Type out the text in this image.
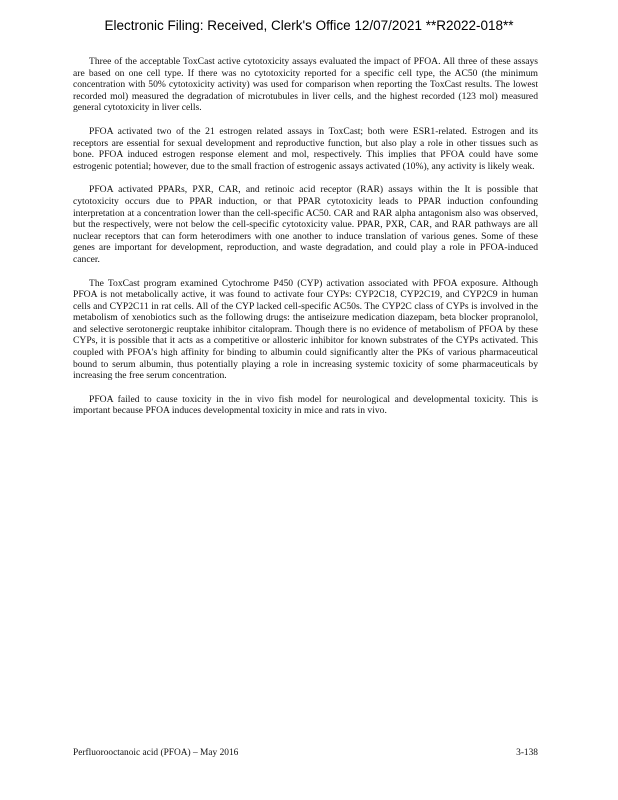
Electronic Filing: Received, Clerk's Office 12/07/2021 **R2022-018**

Three of the acceptable ToxCast active cytotoxicity assays evaluated the impact of PFOA. All three of these assays are based on one cell type. If there was no cytotoxicity reported for a specific cell type, the AC50 (the minimum concentration with 50% cytotoxicity activity) was used for comparison when reporting the ToxCast results. The lowest recorded mol) measured the degradation of microtubules in liver cells, and the highest recorded (123 mol) measured general cytotoxicity in liver cells.

PFOA activated two of the 21 estrogen related assays in ToxCast; both were ESR1-related. Estrogen and its receptors are essential for sexual development and reproductive function, but also play a role in other tissues such as bone. PFOA induced estrogen response element and mol, respectively. This implies that PFOA could have some estrogenic potential; however, due to the small fraction of estrogenic assays activated (10%), any activity is likely weak.

PFOA activated PPARs, PXR, CAR, and retinoic acid receptor (RAR) assays within the It is possible that cytotoxicity occurs due to PPAR induction, or that PPAR cytotoxicity leads to PPAR induction confounding interpretation at a concentration lower than the cell-specific AC50. CAR and RAR alpha antagonism also was observed, but the respectively, were not below the cell-specific cytotoxicity value. PPAR, PXR, CAR, and RAR pathways are all nuclear receptors that can form heterodimers with one another to induce translation of various genes. Some of these genes are important for development, reproduction, and waste degradation, and could play a role in PFOA-induced cancer.

The ToxCast program examined Cytochrome P450 (CYP) activation associated with PFOA exposure. Although PFOA is not metabolically active, it was found to activate four CYPs: CYP2C18, CYP2C19, and CYP2C9 in human cells and CYP2C11 in rat cells. All of the CYP lacked cell-specific AC50s. The CYP2C class of CYPs is involved in the metabolism of xenobiotics such as the following drugs: the antiseizure medication diazepam, beta blocker propranolol, and selective serotonergic reuptake inhibitor citalopram. Though there is no evidence of metabolism of PFOA by these CYPs, it is possible that it acts as a competitive or allosteric inhibitor for known substrates of the CYPs activated. This coupled with PFOA's high affinity for binding to albumin could significantly alter the PKs of various pharmaceutical bound to serum albumin, thus potentially playing a role in increasing systemic toxicity of some pharmaceuticals by increasing the free serum concentration.

PFOA failed to cause toxicity in the in vivo fish model for neurological and developmental toxicity. This is important because PFOA induces developmental toxicity in mice and rats in vivo.

Perfluorooctanoic acid (PFOA) – May 2016	3-138
